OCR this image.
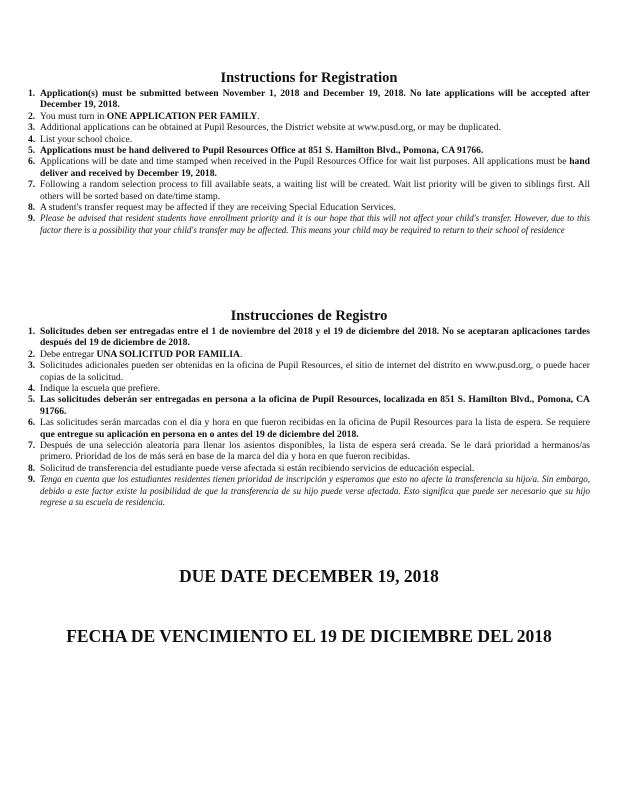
Instructions for Registration
1. Application(s) must be submitted between November 1, 2018 and December 19, 2018. No late applications will be accepted after December 19, 2018.
2. You must turn in ONE APPLICATION PER FAMILY.
3. Additional applications can be obtained at Pupil Resources, the District website at www.pusd.org, or may be duplicated.
4. List your school choice.
5. Applications must be hand delivered to Pupil Resources Office at 851 S. Hamilton Blvd., Pomona, CA 91766.
6. Applications will be date and time stamped when received in the Pupil Resources Office for wait list purposes. All applications must be hand deliver and received by December 19, 2018.
7. Following a random selection process to fill available seats, a waiting list will be created. Wait list priority will be given to siblings first. All others will be sorted based on date/time stamp.
8. A student's transfer request may be affected if they are receiving Special Education Services.
9. Please be advised that resident students have enrollment priority and it is our hope that this will not affect your child's transfer. However, due to this factor there is a possibility that your child's transfer may be affected. This means your child may be required to return to their school of residence
Instrucciones de Registro
1. Solicitudes deben ser entregadas entre el 1 de noviembre del 2018 y el 19 de diciembre del 2018. No se aceptaran aplicaciones tardes después del 19 de diciembre de 2018.
2. Debe entregar UNA SOLICITUD POR FAMILIA.
3. Solicitudes adicionales pueden ser obtenidas en la oficina de Pupil Resources, el sitio de internet del distrito en www.pusd.org, o puede hacer copias de la solicitud.
4. Indique la escuela que prefiere.
5. Las solicitudes deberán ser entregadas en persona a la oficina de Pupil Resources, localizada en 851 S. Hamilton Blvd., Pomona, CA 91766.
6. Las solicitudes serán marcadas con el día y hora en que fueron recibidas en la oficina de Pupil Resources para la lista de espera. Se requiere que entregue su aplicación en persona en o antes del 19 de diciembre del 2018.
7. Después de una selección aleatoria para llenar los asientos disponibles, la lista de espera será creada. Se le dará prioridad a hermanos/as primero. Prioridad de los de más será en base de la marca del día y hora en que fueron recibidas.
8. Solicitud de transferencia del estudiante puede verse afectada si están recibiendo servicios de educación especial.
9. Tenga en cuenta que los estudiantes residentes tienen prioridad de inscripción y esperamos que esto no afecte la transferencia su hijo/a. Sin embargo, debido a este factor existe la posibilidad de que la transferencia de su hijo puede verse afectada. Esto significa que puede ser necesario que su hijo regrese a su escuela de residencia.
DUE DATE DECEMBER 19, 2018
FECHA DE VENCIMIENTO EL 19 DE DICIEMBRE DEL 2018
